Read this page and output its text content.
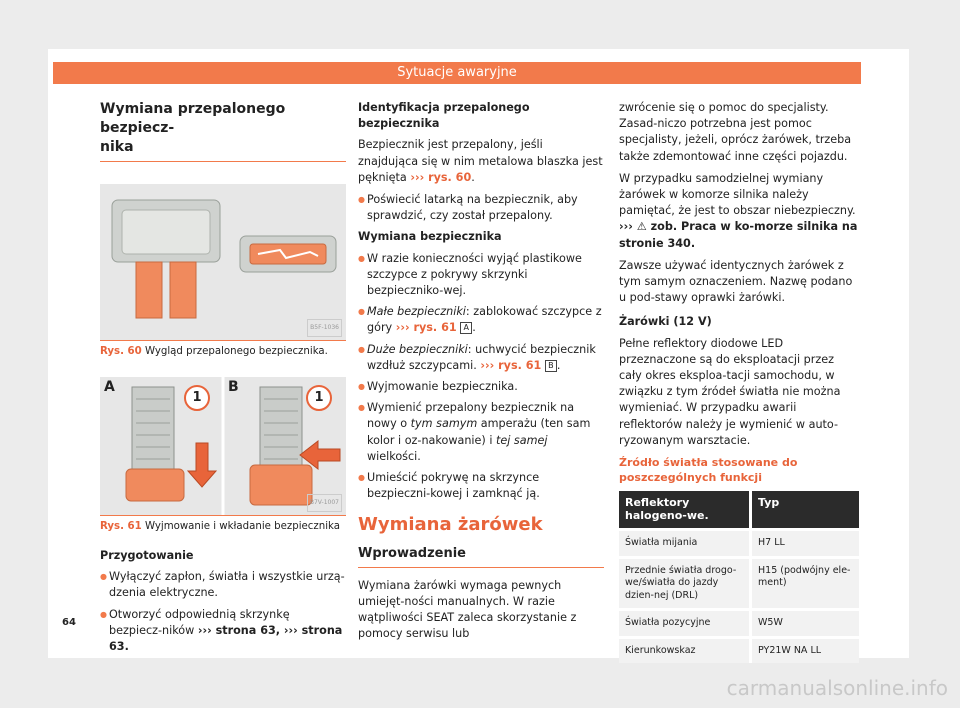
Sytuacje awaryjne
Wymiana przepalonego bezpiecz-
nika
B5F-1036
Rys. 60 Wygląd przepalonego bezpiecznika.
A	B
1	1
B7V-1007
Rys. 61 Wyjmowanie i wkładanie bezpiecznika

Przygotowanie

● Wyłączyć zapłon, światła i wszystkie urzą-dzenia elektryczne.

● Otworzyć odpowiednią skrzynkę bezpiecz-ników ››› strona 63, ››› strona 63.

Identyfikacja przepalonego bezpiecznika

Bezpiecznik jest przepalony, jeśli znajdująca się w nim metalowa blaszka jest pęknięta ››› rys. 60.

● Poświecić latarką na bezpiecznik, aby sprawdzić, czy został przepalony.

Wymiana bezpiecznika

● W razie konieczności wyjąć plastikowe szczypce z pokrywy skrzynki bezpieczniko-wej.

● Małe bezpieczniki: zablokować szczypce z góry ››› rys. 61 A .

● Duże bezpieczniki: uchwycić bezpiecznik wzdłuż szczypcami. ››› rys. 61 B .

● Wyjmowanie bezpiecznika.

● Wymienić przepalony bezpiecznik na nowy o tym samym amperażu (ten sam kolor i oz-nakowanie) i tej samej wielkości.

● Umieścić pokrywę na skrzynce bezpieczni-kowej i zamknąć ją.

Wymiana żarówek
Wprowadzenie

Wymiana żarówki wymaga pewnych umiejęt-ności manualnych. W razie wątpliwości SEAT zaleca skorzystanie z pomocy serwisu lub

zwrócenie się o pomoc do specjalisty. Zasad-niczo potrzebna jest pomoc specjalisty, jeżeli, oprócz żarówek, trzeba także zdemontować inne części pojazdu.

W przypadku samodzielnej wymiany żarówek w komorze silnika należy pamiętać, że jest to obszar niebezpieczny. ››› ⚠ zob. Praca w ko-morze silnika na stronie 340.

Zawsze używać identycznych żarówek z tym samym oznaczeniem. Nazwę podano u pod-stawy oprawki żarówki.

Żarówki (12 V)

Pełne reflektory diodowe LED przeznaczone są do eksploatacji przez cały okres eksploa-tacji samochodu, w związku z tym źródeł światła nie można wymieniać. W przypadku awarii reflektorów należy je wymienić w auto-ryzowanym warsztacie.

Źródło światła stosowane do poszczególnych funkcji
Reflektory halogeno-we.	Typ
Światła mijania	H7 LL
Przednie światła drogo-we/światła do jazdy dzien-nej (DRL)	H15 (podwójny ele-ment)
Światła pozycyjne	W5W
Kierunkowskaz	PY21W NA LL
64
carmanualsonline.info
